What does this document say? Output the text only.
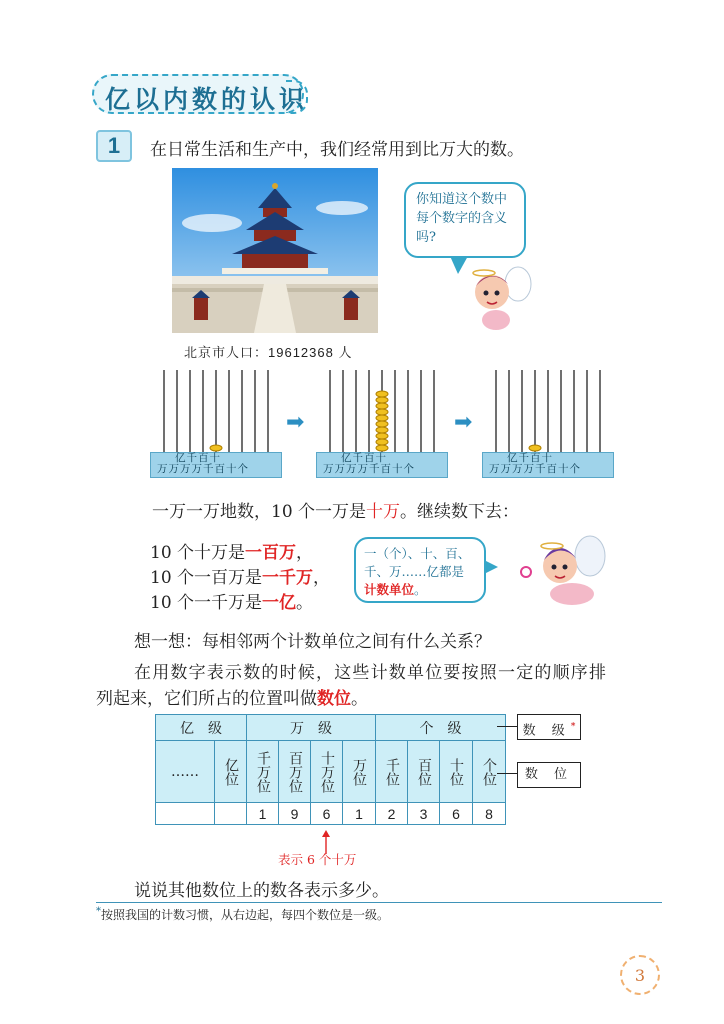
亿以内数的认识
1	在日常生活和生产中，我们经常用到比万大的数。
北京市人口：19612368 人
你知道这个数中每个数字的含义吗?
亿千百十
万万万万千百十个
➡
亿千百十
万万万万千百十个
➡
亿千百十
万万万万千百十个
一万一万地数，10 个一万是十万。继续数下去：
10 个十万是一百万，
10 个一百万是一千万，
10 个一千万是一亿。
一（个）、十、百、千、万……亿都是计数单位。
想一想：每相邻两个计数单位之间有什么关系？
在用数字表示数的时候，这些计数单位要按照一定的顺序排
列起来，它们所占的位置叫做数位。
亿　级		万　级				个　级			
……	亿位	千万位	百万位	十万位	万位	千位	百位	十位	个位
		1	9	6	1	2	3	6	8
数 级*
数 位
表示 6 个十万
说说其他数位上的数各表示多少。
*按照我国的计数习惯，从右边起，每四个数位是一级。
3
